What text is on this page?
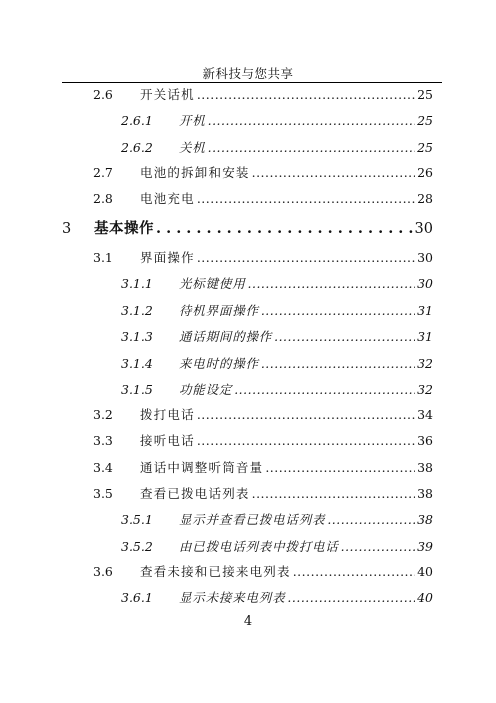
新科技与您共享
2.6	开关话机 .....	25
2.6.1	开机 .....	25
2.6.2	关机 .....	25
2.7	电池的拆卸和安装 .....	26
2.8	电池充电 .....	28
3	基本操作 . . .	30
3.1	界面操作 .....	30
3.1.1	光标键使用 .....	30
3.1.2	待机界面操作 .....	31
3.1.3	通话期间的操作 .....	31
3.1.4	来电时的操作 .....	32
3.1.5	功能设定 .....	32
3.2	拨打电话 .....	34
3.3	接听电话 .....	36
3.4	通话中调整听筒音量 .....	38
3.5	查看已拨电话列表 .....	38
3.5.1	显示并查看已拨电话列表 .....	38
3.5.2	由已拨电话列表中拨打电话 .....	39
3.6	查看未接和已接来电列表 .....	40
3.6.1	显示未接来电列表 .....	40
4
